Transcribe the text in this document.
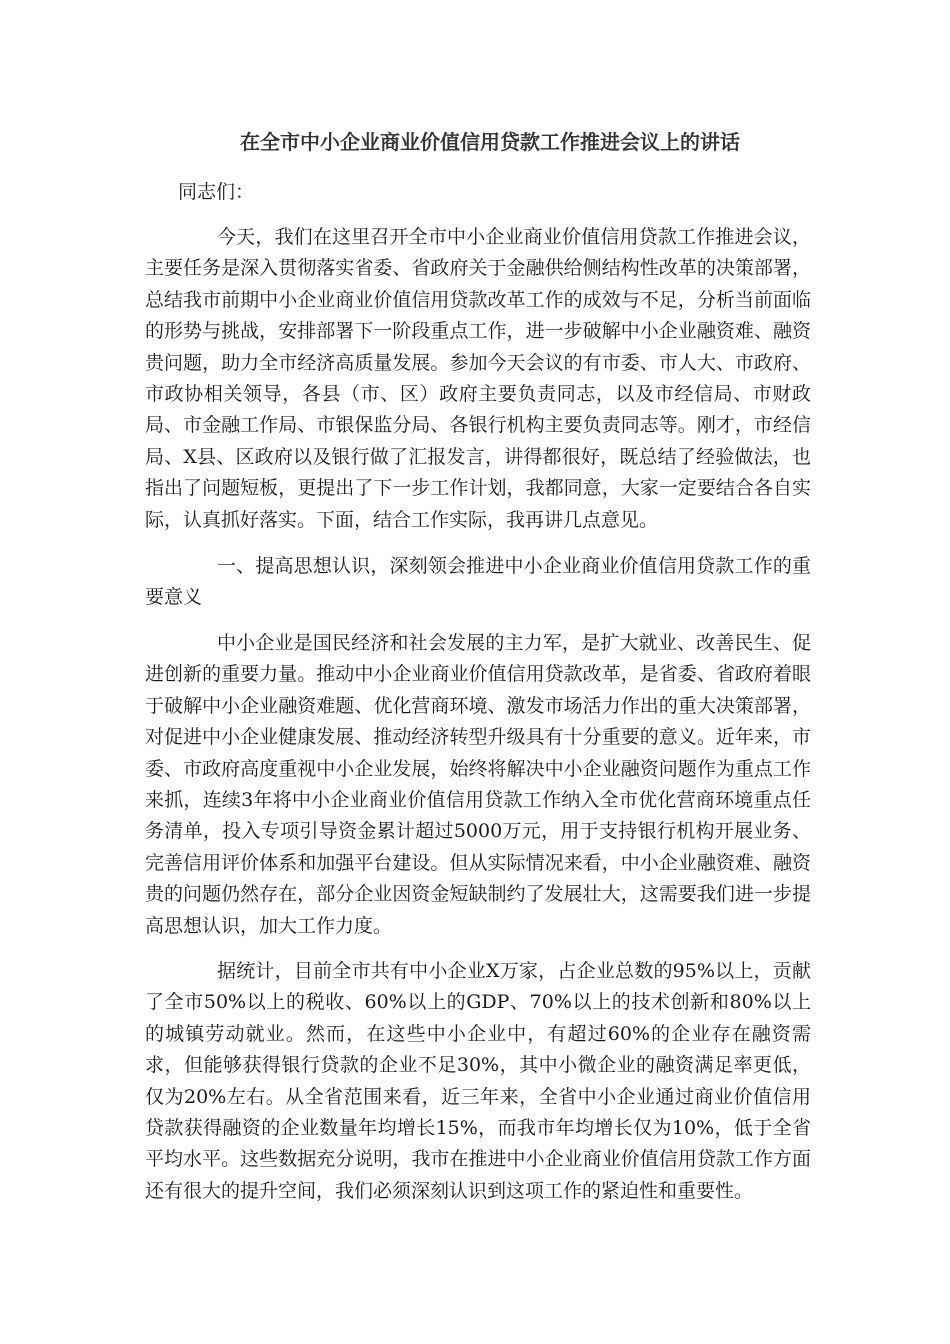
在全市中小企业商业价值信用贷款工作推进会议上的讲话

同志们：

今天，我们在这里召开全市中小企业商业价值信用贷款工作推进会议，主要任务是深入贯彻落实省委、省政府关于金融供给侧结构性改革的决策部署，总结我市前期中小企业商业价值信用贷款改革工作的成效与不足，分析当前面临的形势与挑战，安排部署下一阶段重点工作，进一步破解中小企业融资难、融资贵问题，助力全市经济高质量发展。参加今天会议的有市委、市人大、市政府、市政协相关领导，各县（市、区）政府主要负责同志，以及市经信局、市财政局、市金融工作局、市银保监分局、各银行机构主要负责同志等。刚才，市经信局、X县、区政府以及银行做了汇报发言，讲得都很好，既总结了经验做法，也指出了问题短板，更提出了下一步工作计划，我都同意，大家一定要结合各自实际，认真抓好落实。下面，结合工作实际，我再讲几点意见。

一、提高思想认识，深刻领会推进中小企业商业价值信用贷款工作的重要意义

中小企业是国民经济和社会发展的主力军，是扩大就业、改善民生、促进创新的重要力量。推动中小企业商业价值信用贷款改革，是省委、省政府着眼于破解中小企业融资难题、优化营商环境、激发市场活力作出的重大决策部署，对促进中小企业健康发展、推动经济转型升级具有十分重要的意义。近年来，市委、市政府高度重视中小企业发展，始终将解决中小企业融资问题作为重点工作来抓，连续3年将中小企业商业价值信用贷款工作纳入全市优化营商环境重点任务清单，投入专项引导资金累计超过5000万元，用于支持银行机构开展业务、完善信用评价体系和加强平台建设。但从实际情况来看，中小企业融资难、融资贵的问题仍然存在，部分企业因资金短缺制约了发展壮大，这需要我们进一步提高思想认识，加大工作力度。

据统计，目前全市共有中小企业X万家，占企业总数的95%以上，贡献了全市50%以上的税收、60%以上的GDP、70%以上的技术创新和80%以上的城镇劳动就业。然而，在这些中小企业中，有超过60%的企业存在融资需求，但能够获得银行贷款的企业不足30%，其中小微企业的融资满足率更低，仅为20%左右。从全省范围来看，近三年来，全省中小企业通过商业价值信用贷款获得融资的企业数量年均增长15%，而我市年均增长仅为10%，低于全省平均水平。这些数据充分说明，我市在推进中小企业商业价值信用贷款工作方面还有很大的提升空间，我们必须深刻认识到这项工作的紧迫性和重要性。
